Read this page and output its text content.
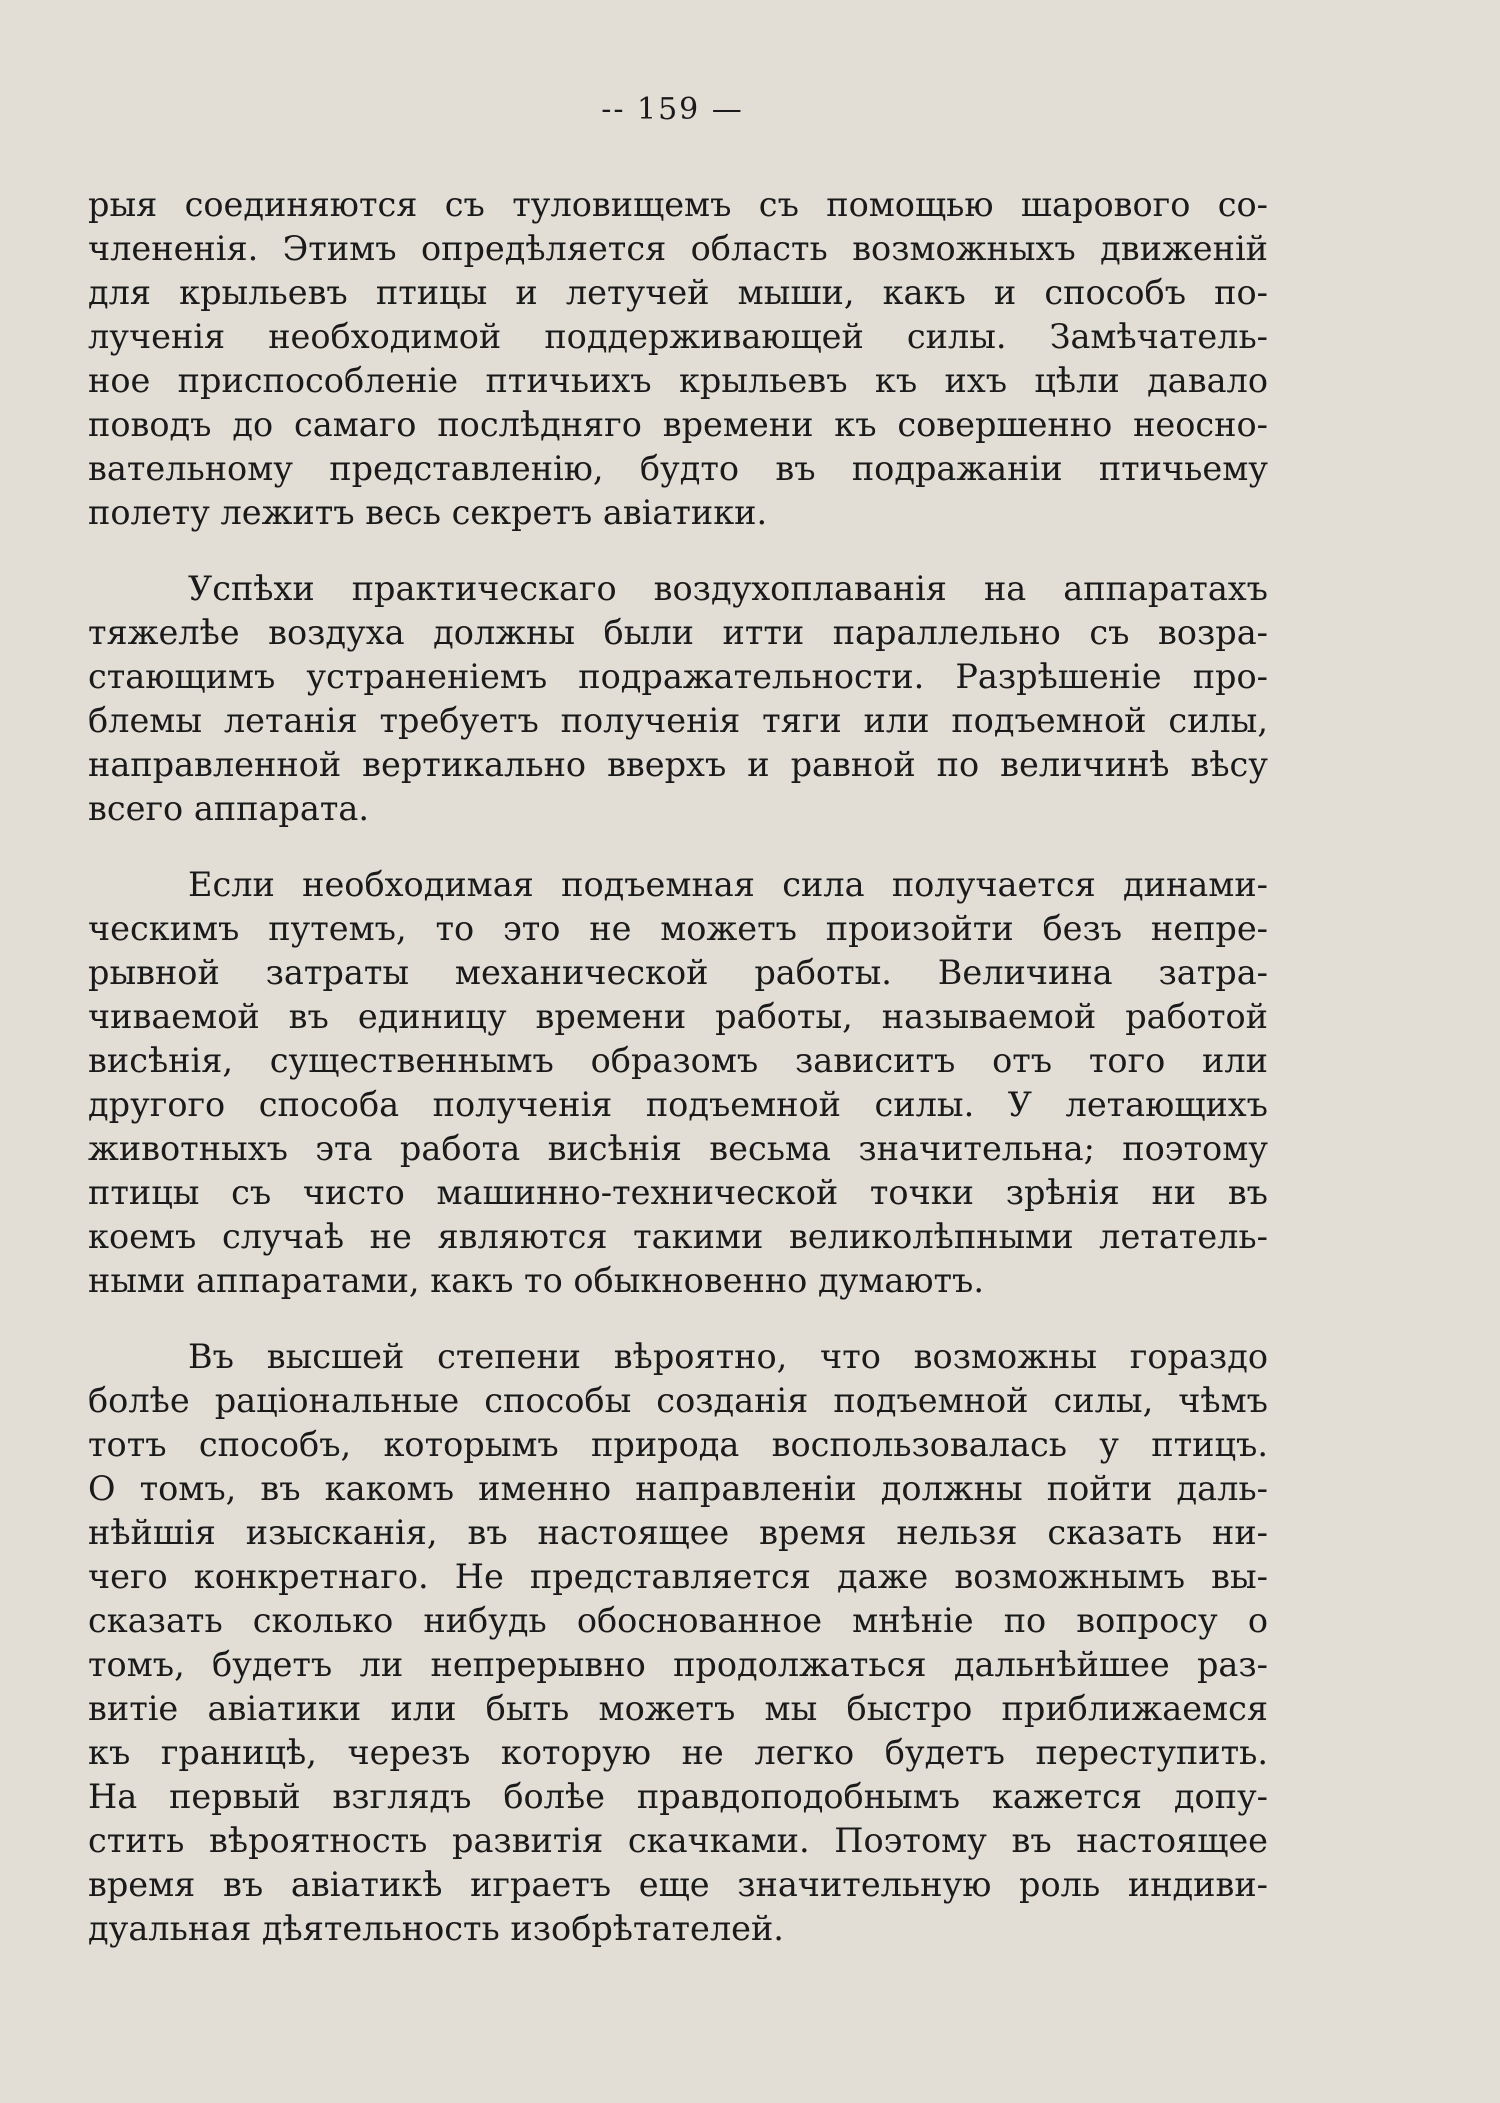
-- 159 —
рыя соединяются съ туловищемъ съ помощью шарового со-
члененія. Этимъ опредѣляется область возможныхъ движеній
для крыльевъ птицы и летучей мыши, какъ и способъ по-
лученія необходимой поддерживающей силы. Замѣчатель-
ное приспособленіе птичьихъ крыльевъ къ ихъ цѣли давало
поводъ до самаго послѣдняго времени къ совершенно неосно-
вательному представленію, будто въ подражаніи птичьему
полету лежитъ весь секретъ авіатики.
Успѣхи практическаго воздухоплаванія на аппаратахъ
тяжелѣе воздуха должны были итти параллельно съ возра-
стающимъ устраненіемъ подражательности. Разрѣшеніе про-
блемы летанія требуетъ полученія тяги или подъемной силы,
направленной вертикально вверхъ и равной по величинѣ вѣсу
всего аппарата.
Если необходимая подъемная сила получается динами-
ческимъ путемъ, то это не можетъ произойти безъ непре-
рывной затраты механической работы. Величина затра-
чиваемой въ единицу времени работы, называемой работой
висѣнія, существеннымъ образомъ зависитъ отъ того или
другого способа полученія подъемной силы. У летающихъ
животныхъ эта работа висѣнія весьма значительна; поэтому
птицы съ чисто машинно-технической точки зрѣнія ни въ
коемъ случаѣ не являются такими великолѣпными летатель-
ными аппаратами, какъ то обыкновенно думаютъ.
Въ высшей степени вѣроятно, что возможны гораздо
болѣе раціональные способы созданія подъемной силы, чѣмъ
тотъ способъ, которымъ природа воспользовалась у птицъ.
О томъ, въ какомъ именно направленіи должны пойти даль-
нѣйшія изысканія, въ настоящее время нельзя сказать ни-
чего конкретнаго. Не представляется даже возможнымъ вы-
сказать сколько нибудь обоснованное мнѣніе по вопросу о
томъ, будетъ ли непрерывно продолжаться дальнѣйшее раз-
витіе авіатики или быть можетъ мы быстро приближаемся
къ границѣ, черезъ которую не легко будетъ переступить.
На первый взглядъ болѣе правдоподобнымъ кажется допу-
стить вѣроятность развитія скачками. Поэтому въ настоящее
время въ авіатикѣ играетъ еще значительную роль индиви-
дуальная дѣятельность изобрѣтателей.
